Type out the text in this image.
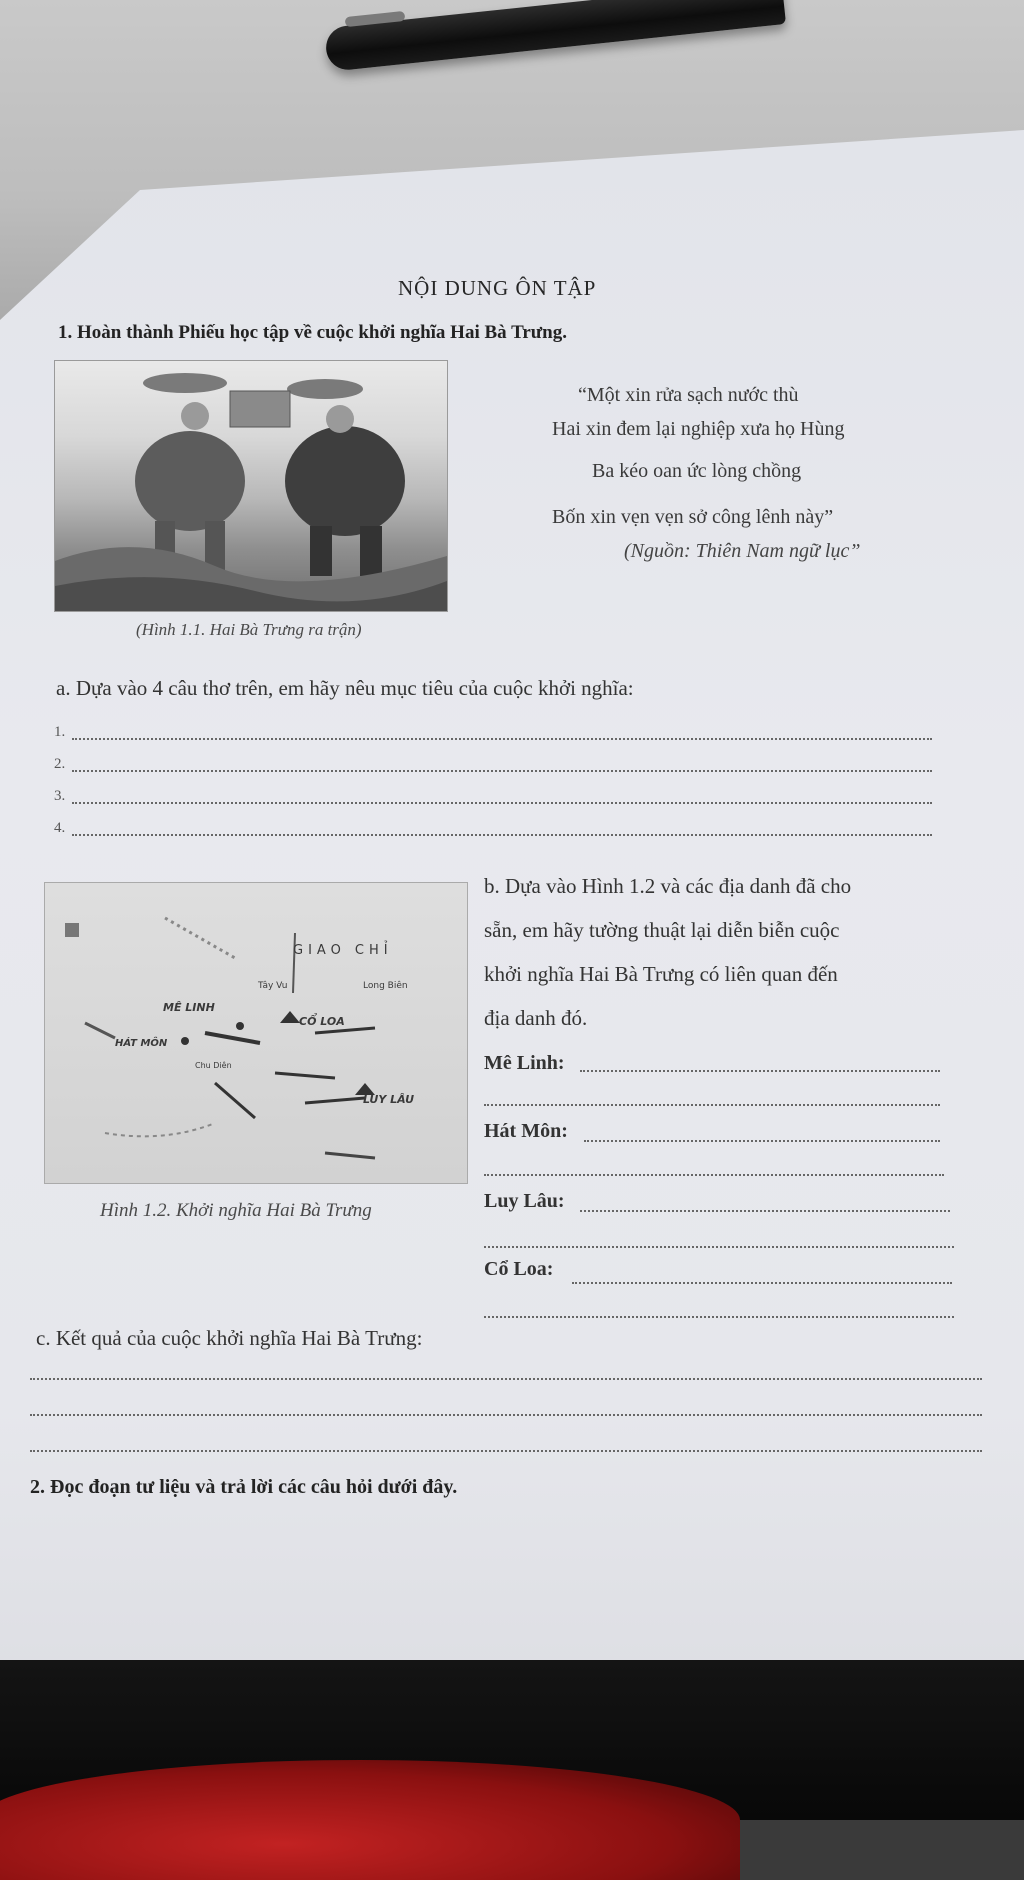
NỘI DUNG ÔN TẬP
1. Hoàn thành Phiếu học tập về cuộc khởi nghĩa Hai Bà Trưng.
“Một xin rửa sạch nước thù
Hai xin đem lại nghiệp xưa họ Hùng
Ba kéo oan ức lòng chồng
Bốn xin vẹn vẹn sở công lênh này”
(Nguồn: Thiên Nam ngữ lục”
(Hình 1.1. Hai Bà Trưng ra trận)
a. Dựa vào 4 câu thơ trên, em hãy nêu mục tiêu của cuộc khởi nghĩa:
1.
2.
3.
4.
GIAO CHỈ
Tây Vu	Long Biên
MÊ LINH
CỔ LOA
HÁT MÔN
Chu Diên
LUY LÂU
Hình 1.2. Khởi nghĩa Hai Bà Trưng
b. Dựa vào Hình 1.2 và các địa danh đã cho
sẵn, em hãy tường thuật lại diễn biễn cuộc
khởi nghĩa Hai Bà Trưng có liên quan đến
địa danh đó.
Mê Linh:
Hát Môn:
Luy Lâu:
Cổ Loa:
c. Kết quả của cuộc khởi nghĩa Hai Bà Trưng:
2. Đọc đoạn tư liệu và trả lời các câu hỏi dưới đây.
